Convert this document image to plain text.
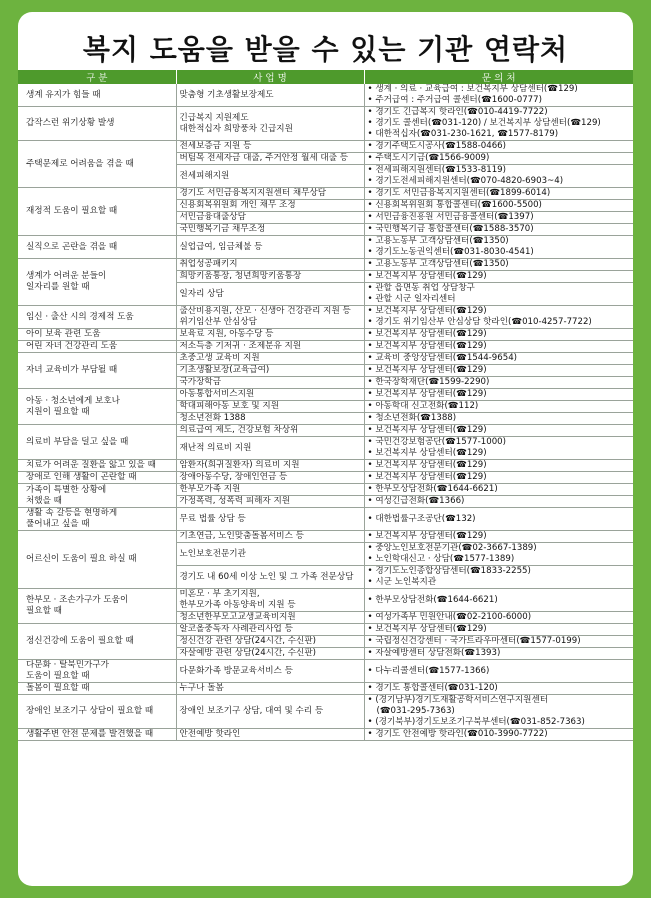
복지 도움을 받을 수 있는 기관 연락처
구 분	사 업 명	문 의 처

생계 유지가 힘들 때	맞춤형 기초생활보장제도	• 생계 · 의료 · 교육급여 : 보건복지부 상담센터(☎129)
• 주거급여 : 주거급여 콜센터(☎1600-0777)

갑작스런 위기상황 발생	긴급복지 지원제도
대한적십자 희망풍차 긴급지원	• 경기도 긴급복지 핫라인(☎010-4419-7722)
• 경기도 콜센터(☎031-120) / 보건복지부 상담센터(☎129)
• 대한적십자(☎031-230-1621, ☎1577-8179)

주택문제로 어려움을 겪을 때	전세보증금 지원 등	• 경기주택도시공사(☎1588-0466)

	버팀목 전세자금 대출, 주거안정 월세 대출 등	• 주택도시기금(☎1566-9009)

	전세피해지원	• 전세피해지원센터(☎1533-8119)
• 경기도전세피해지원센터(☎070-4820-6903~4)

재정적 도움이 필요할 때	경기도 서민금융복지지원센터 채무상담	• 경기도 서민금융복지지원센터(☎1899-6014)

	신용회복위원회 개인 채무 조정	• 신용회복위원회 통합콜센터(☎1600-5500)

	서민금융대출상담	• 서민금융진흥원 서민금융콜센터(☎1397)

	국민행복기금 채무조정	• 국민행복기금 통합콜센터(☎1588-3570)

실직으로 곤란을 겪을 때	실업급여, 임금체불 등	• 고용노동부 고객상담센터(☎1350)
• 경기도노동권익센터(☎031-8030-4541)

생계가 어려운 분들이
일자리를 원할 때	취업성공패키지	• 고용노동부 고객상담센터(☎1350)

	희망키움통장, 청년희망키움통장	• 보건복지부 상담센터(☎129)

	일자리 상담	• 관할 읍면동 취업 상담창구
• 관할 시군 일자리센터

임신 · 출산 시의 경제적 도움	출산비용지원, 산모 · 신생아 건강관리 지원 등
위기임산부 안심상담	• 보건복지부 상담센터(☎129)
• 경기도 위기임산부 안심상담 핫라인(☎010-4257-7722)

아이 보육 관련 도움	보육료 지원, 아동수당 등	• 보건복지부 상담센터(☎129)

어린 자녀 건강관리 도움	저소득층 기저귀 · 조제분유 지원	• 보건복지부 상담센터(☎129)

자녀 교육비가 부담될 때	초중고생 교육비 지원	• 교육비 중앙상담센터(☎1544-9654)

	기초생활보장(교육급여)	• 보건복지부 상담센터(☎129)

	국가장학금	• 한국장학재단(☎1599-2290)

아동 · 청소년에게 보호나
지원이 필요할 때	아동통합서비스지원	• 보건복지부 상담센터(☎129)

	학대피해아동 보호 및 지원	• 아동학대 신고전화(☎112)

	청소년전화 1388	• 청소년전화(☎1388)

의료비 부담을 덜고 싶을 때	의료급여 제도, 건강보험 차상위	• 보건복지부 상담센터(☎129)

	재난적 의료비 지원	• 국민건강보험공단(☎1577-1000)
• 보건복지부 상담센터(☎129)

치료가 어려운 질환을 앓고 있을 때	암환자(희귀질환자) 의료비 지원	• 보건복지부 상담센터(☎129)

장애로 인해 생활이 곤란할 때	장애아동수당, 장애인연금 등	• 보건복지부 상담센터(☎129)

가족이 특별한 상황에
처했을 때	한부모가족 지원	• 한부모상담전화(☎1644-6621)

	가정폭력, 성폭력 피해자 지원	• 여성긴급전화(☎1366)

생활 속 갈등을 현명하게
풀어내고 싶을 때	무료 법률 상담 등	• 대한법률구조공단(☎132)

어르신이 도움이 필요 하실 때	기초연금, 노인맞춤돌봄서비스 등	• 보건복지부 상담센터(☎129)

	노인보호전문기관	• 중앙노인보호전문기관(☎02-3667-1389)
• 노인학대신고 · 상담(☎1577-1389)

	경기도 내 60세 이상 노인 및 그 가족 전문상담	• 경기도노인종합상담센터(☎1833-2255)
• 시군 노인복지관

한부모 · 조손가구가 도움이
필요할 때	미혼모 · 부 초기지원,
한부모가족 아동양육비 지원 등	• 한부모상담전화(☎1644-6621)

	청소년한부모고교생교육비지원	• 여성가족부 민원안내(☎02-2100-6000)

정신건강에 도움이 필요할 때	알코올중독자 사례관리사업 등	• 보건복지부 상담센터(☎129)

	정신건강 관련 상담(24시간, 수신판)	• 국립정신건강센터 · 국가트라우마센터(☎1577-0199)

	자살예방 관련 상담(24시간, 수신판)	• 자살예방센터 상담전화(☎1393)

다문화 · 탈북민가구가
도움이 필요할 때	다문화가족 방문교육서비스 등	• 다누리콜센터(☎1577-1366)

돌봄이 필요할 때	누구나 돌봄	• 경기도 통합콜센터(☎031-120)

장애인 보조기구 상담이 필요할 때	장애인 보조기구 상담, 대여 및 수리 등	• (경기남부)경기도재활공학서비스연구지원센터
(☎031-295-7363)
• (경기북부)경기도보조기구북부센터(☎031-852-7363)

생활주변 안전 문제를 발견했을 때	안전예방 핫라인	• 경기도 안전예방 핫라인(☎010-3990-7722)
